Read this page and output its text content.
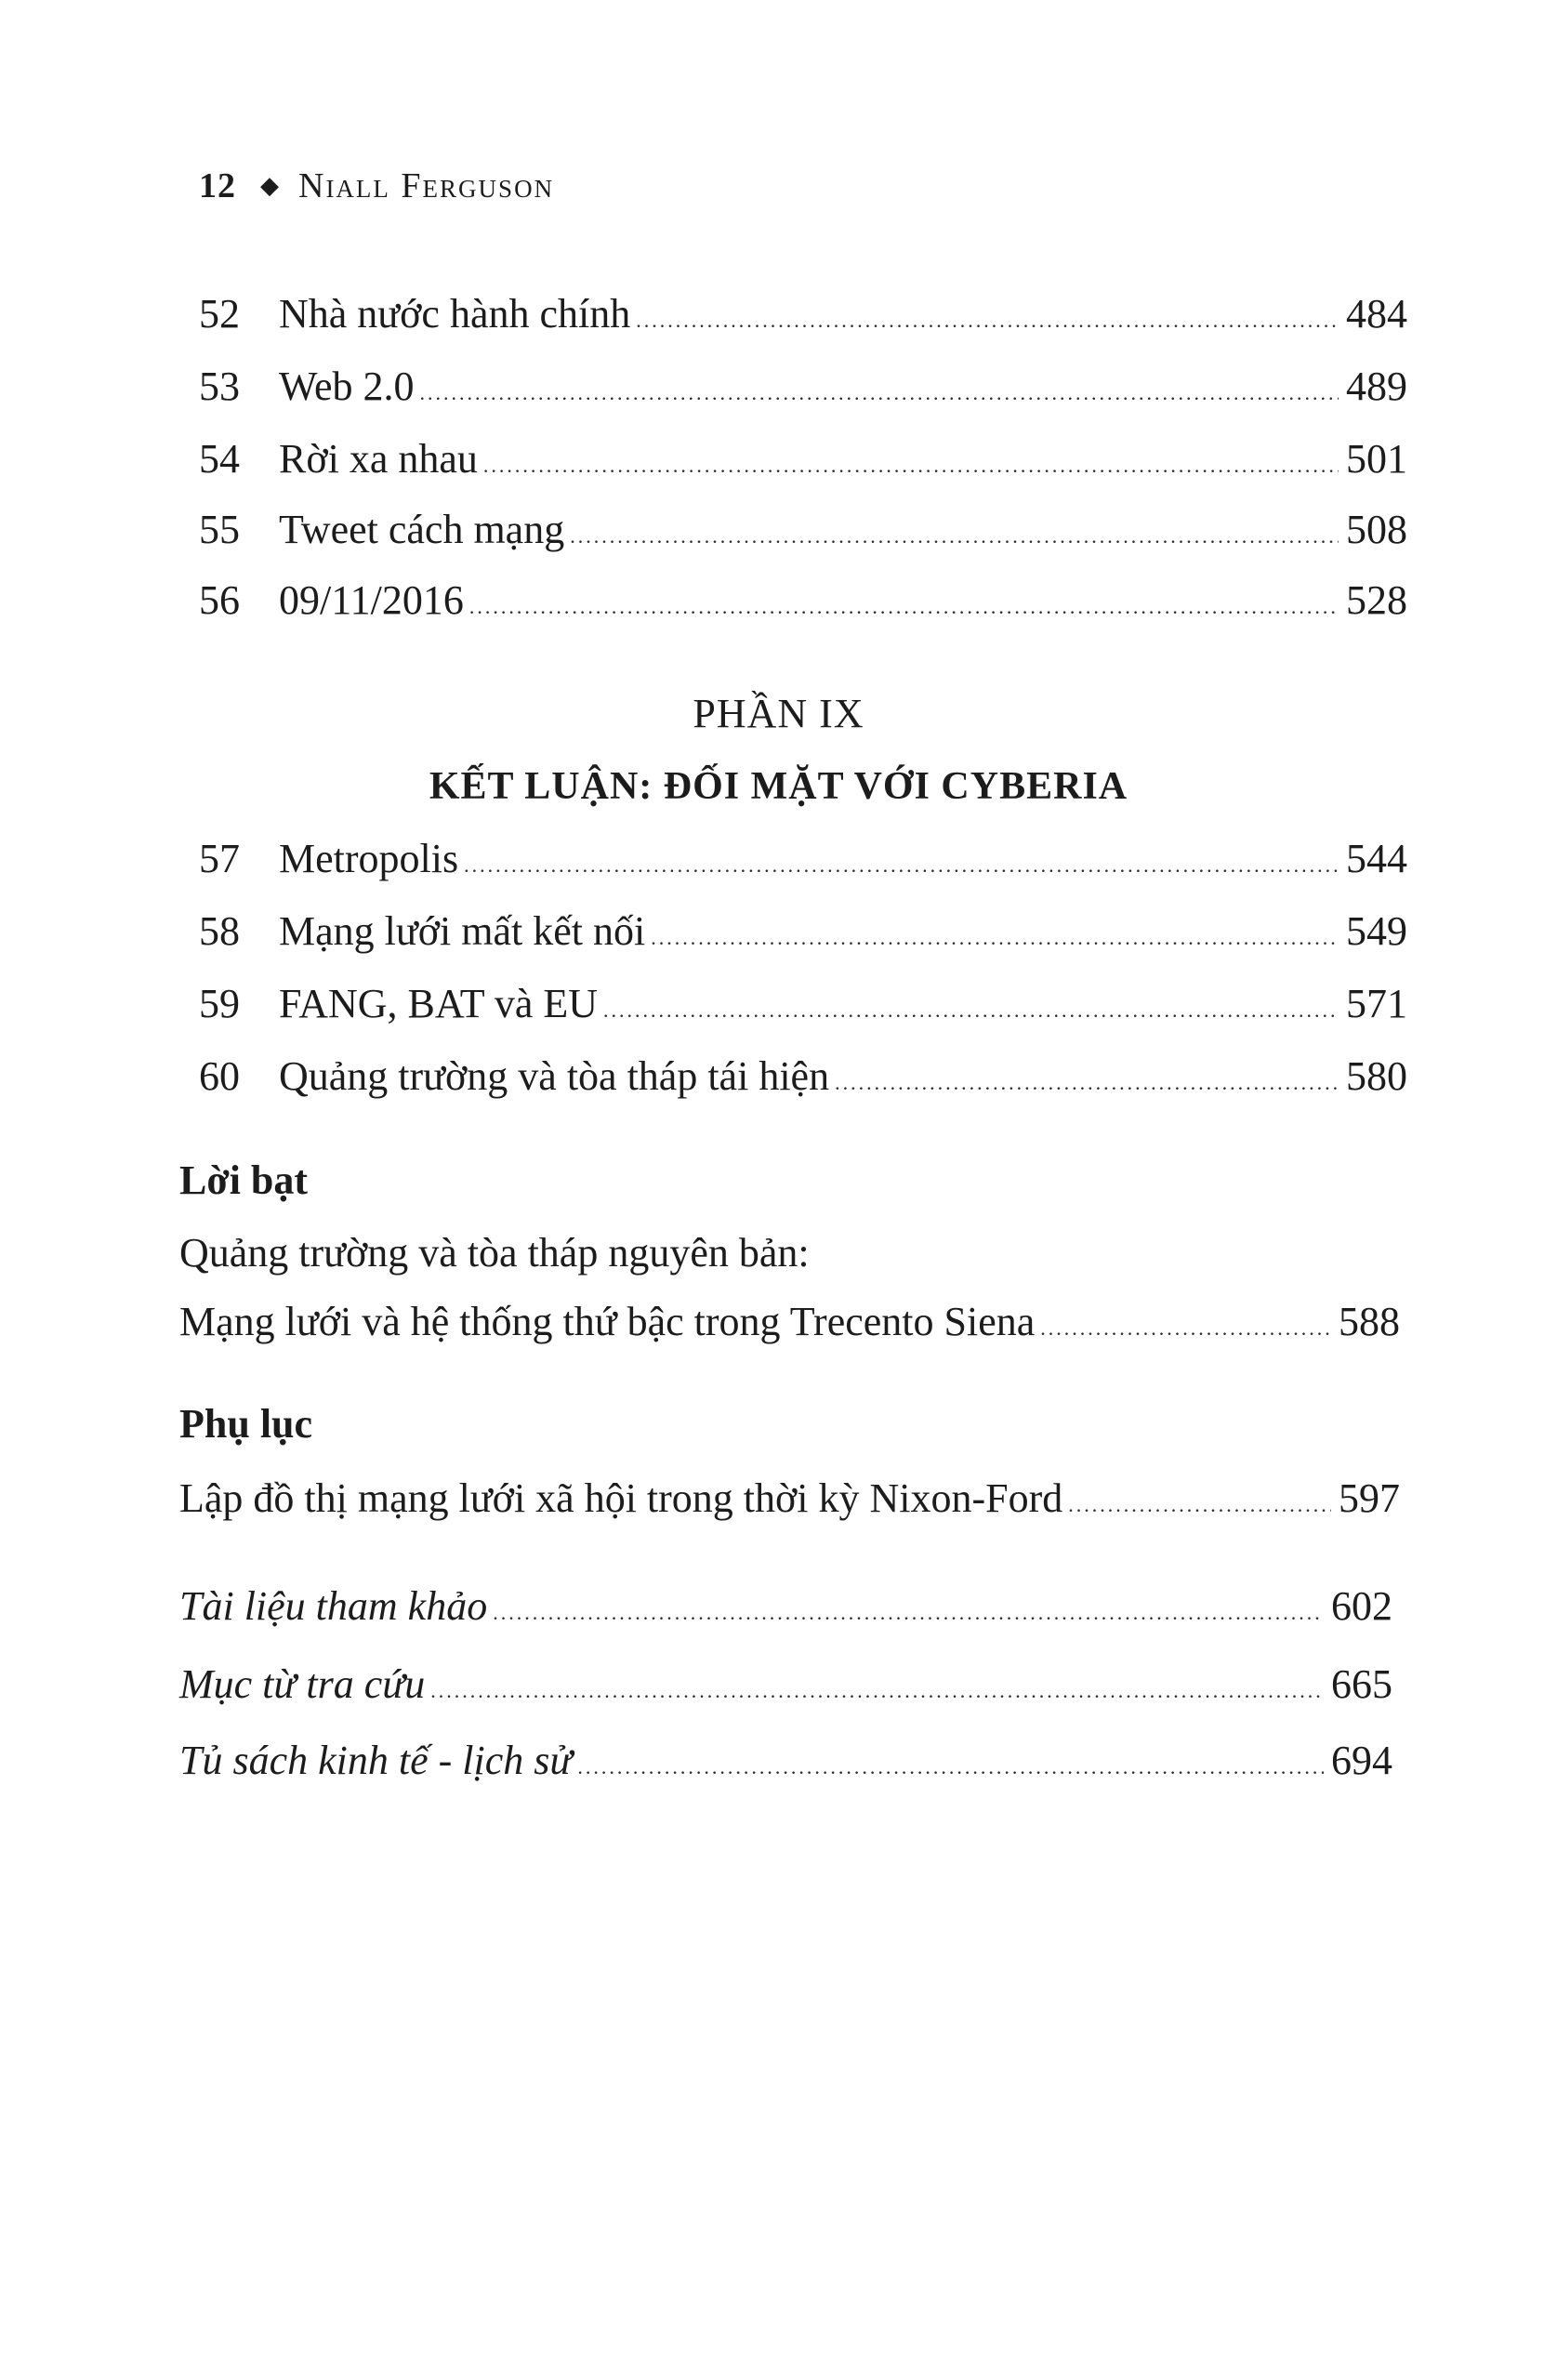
12 ◆ Niall Ferguson
52 Nhà nước hành chính .....	484
53 Web 2.0 .....	489
54 Rời xa nhau .....	501
55 Tweet cách mạng .....	508
56 09/11/2016 .....	528
PHẦN IX
KẾT LUẬN: ĐỐI MẶT VỚI CYBERIA
57 Metropolis .....	544
58 Mạng lưới mất kết nối .....	549
59 FANG, BAT và EU .....	571
60 Quảng trường và tòa tháp tái hiện .....	580
Lời bạt
Quảng trường và tòa tháp nguyên bản:
Mạng lưới và hệ thống thứ bậc trong Trecento Siena .....	588
Phụ lục
Lập đồ thị mạng lưới xã hội trong thời kỳ Nixon-Ford .....	597
Tài liệu tham khảo .....	602
Mục từ tra cứu .....	665
Tủ sách kinh tế - lịch sử .....	694
